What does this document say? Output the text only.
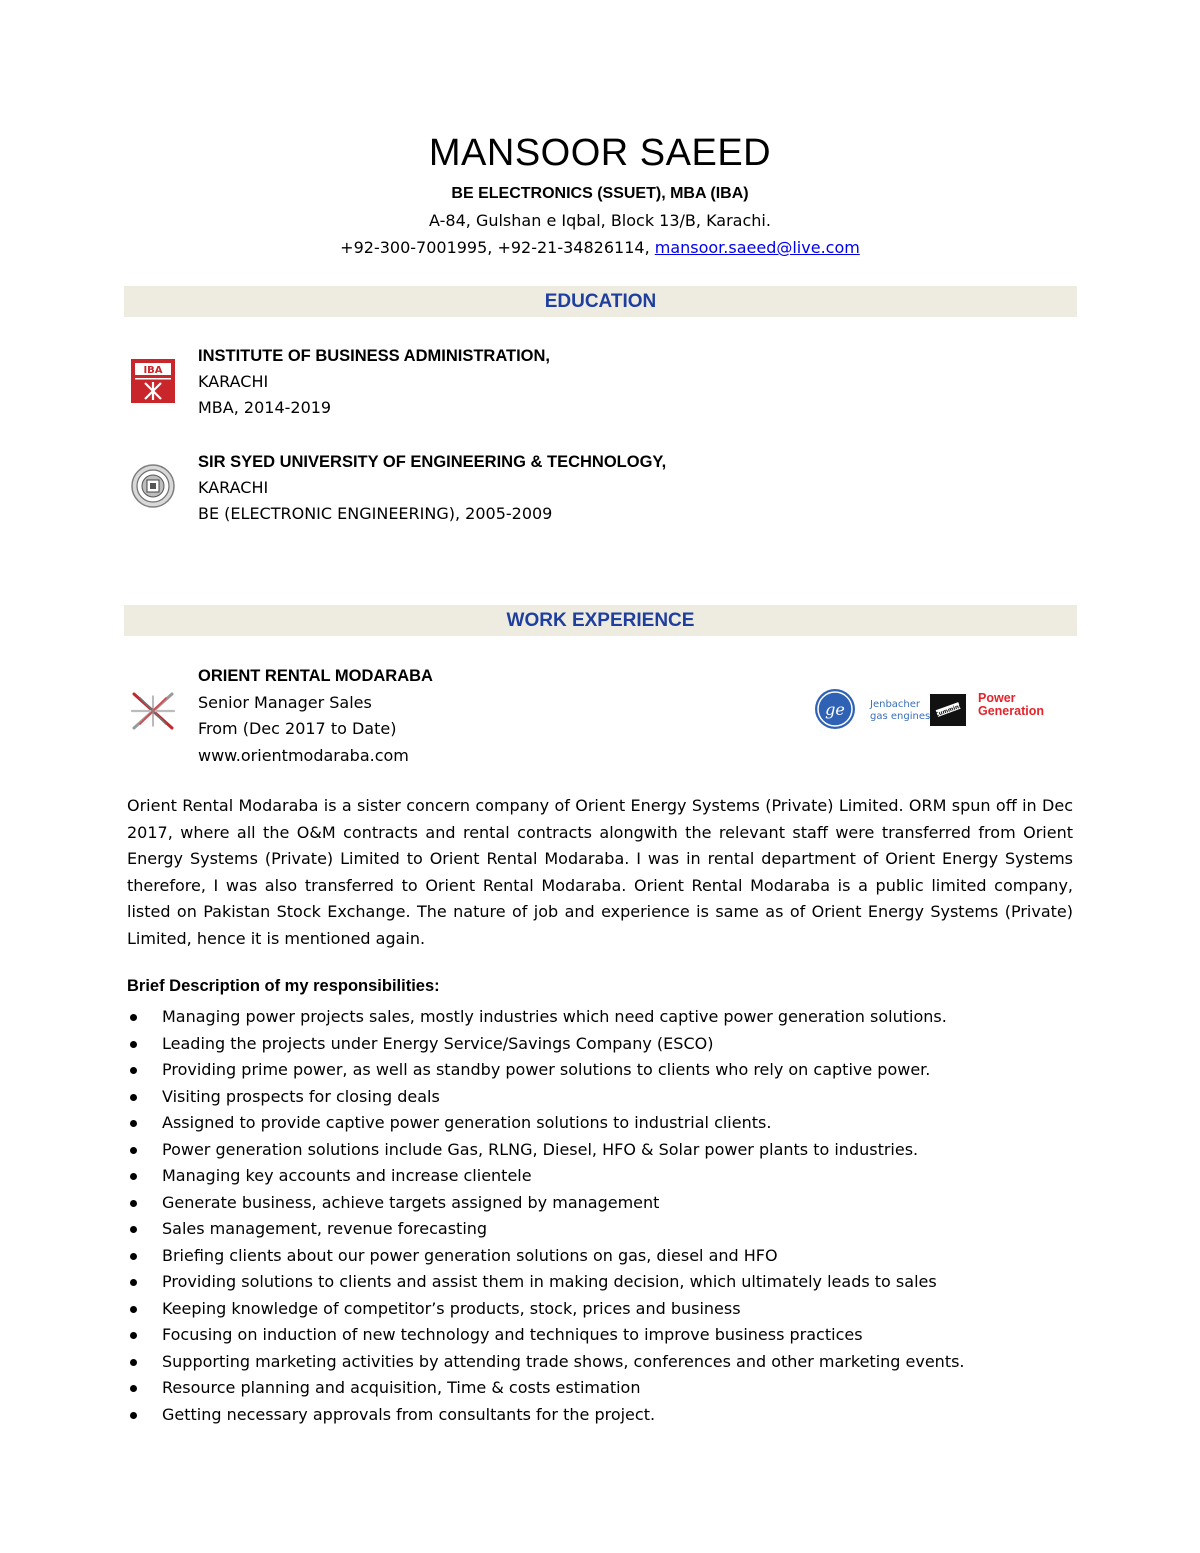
MANSOOR SAEED
BE ELECTRONICS (SSUET), MBA (IBA)
A-84, Gulshan e Iqbal, Block 13/B, Karachi.
+92-300-7001995, +92-21-34826114, mansoor.saeed@live.com
EDUCATION
IBA
INSTITUTE OF BUSINESS ADMINISTRATION,
KARACHI
MBA, 2014-2019
SIR SYED UNIVERSITY OF ENGINEERING & TECHNOLOGY,
KARACHI
BE (ELECTRONIC ENGINEERING), 2005-2009
WORK EXPERIENCE
ORIENT RENTAL MODARABA
Senior Manager Sales
From (Dec 2017 to Date)
www.orientmodaraba.com
ge	Jenbacher
gas engines Cummins
Power
Generation
Orient Rental Modaraba is a sister concern company of Orient Energy Systems (Private) Limited. ORM spun off in Dec 2017, where all the O&M contracts and rental contracts alongwith the relevant staff were transferred from Orient Energy Systems (Private) Limited to Orient Rental Modaraba. I was in rental department of Orient Energy Systems therefore, I was also transferred to Orient Rental Modaraba. Orient Rental Modaraba is a public limited company, listed on Pakistan Stock Exchange. The nature of job and experience is same as of Orient Energy Systems (Private) Limited, hence it is mentioned again.
Brief Description of my responsibilities:
Managing power projects sales, mostly industries which need captive power generation solutions.
Leading the projects under Energy Service/Savings Company (ESCO)
Providing prime power, as well as standby power solutions to clients who rely on captive power.
Visiting prospects for closing deals
Assigned to provide captive power generation solutions to industrial clients.
Power generation solutions include Gas, RLNG, Diesel, HFO & Solar power plants to industries.
Managing key accounts and increase clientele
Generate business, achieve targets assigned by management
Sales management, revenue forecasting
Briefing clients about our power generation solutions on gas, diesel and HFO
Providing solutions to clients and assist them in making decision, which ultimately leads to sales
Keeping knowledge of competitor’s products, stock, prices and business
Focusing on induction of new technology and techniques to improve business practices
Supporting marketing activities by attending trade shows, conferences and other marketing events.
Resource planning and acquisition, Time & costs estimation
Getting necessary approvals from consultants for the project.
